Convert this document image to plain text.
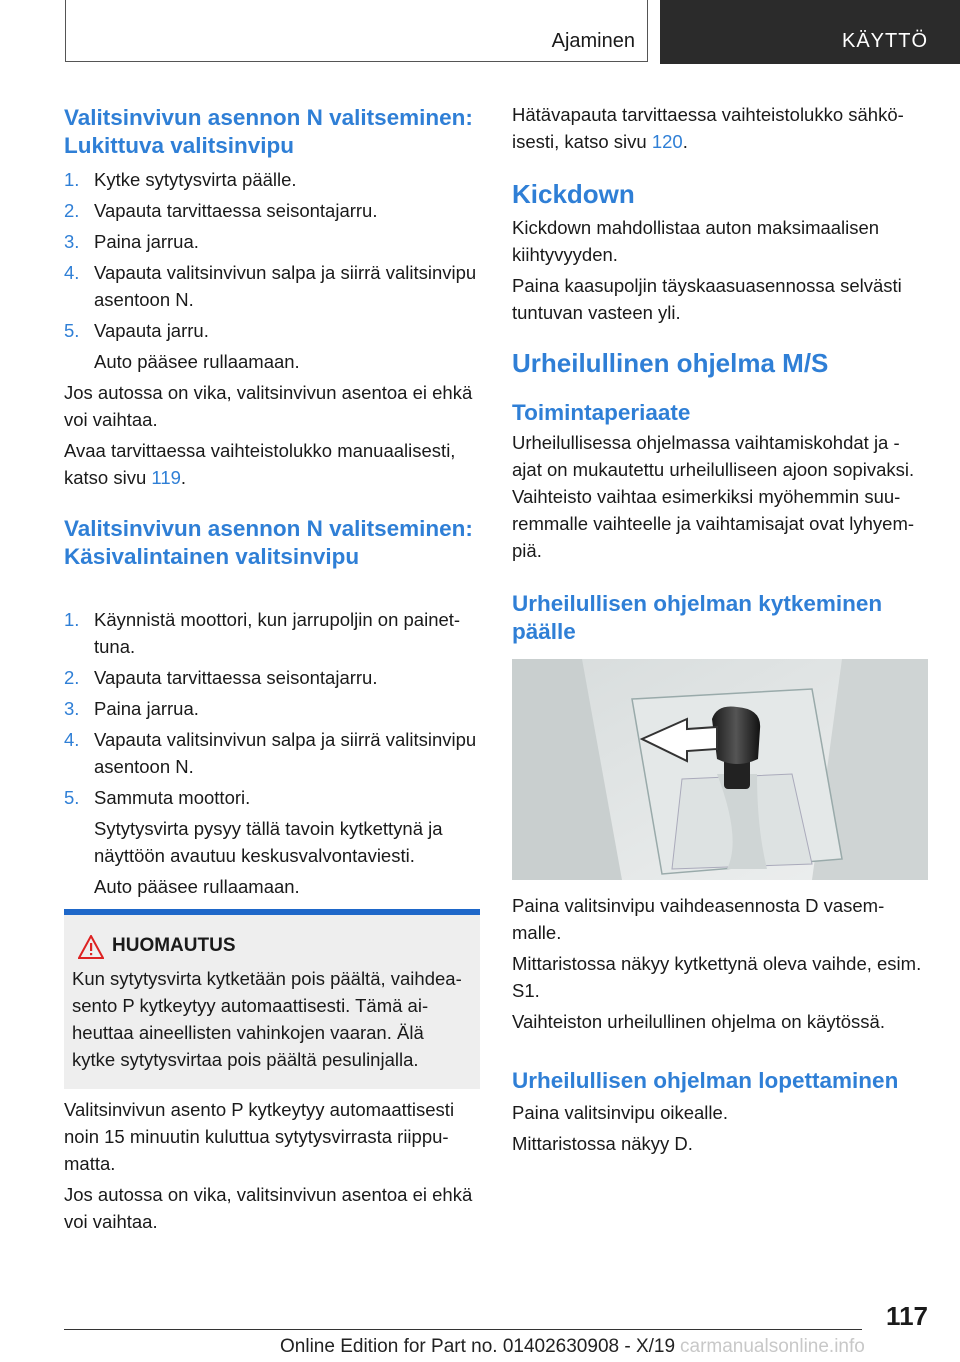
Ajaminen	KÄYTTÖ

Valitsinvivun asennon N valitseminen: Lukittuva valitsinvipu

1. Kytke sytytysvirta päälle.
2. Vapauta tarvittaessa seisontajarru.
3. Paina jarrua.
4. Vapauta valitsinvivun salpa ja siirrä valitsinvipu asentoon N.
5. Vapauta jarru.
Auto pääsee rullaamaan.

Jos autossa on vika, valitsinvivun asentoa ei ehkä voi vaihtaa.

Avaa tarvittaessa vaihteistolukko manuaalisesti, katso sivu 119.

Valitsinvivun asennon N valitseminen: Käsivalintainen valitsinvipu

1. Käynnistä moottori, kun jarrupoljin on painet‐ tuna.
2. Vapauta tarvittaessa seisontajarru.
3. Paina jarrua.
4. Vapauta valitsinvivun salpa ja siirrä valitsinvipu asentoon N.
5. Sammuta moottori.
Sytytysvirta pysyy tällä tavoin kytkettynä ja näyttöön avautuu keskusvalvontaviesti.
Auto pääsee rullaamaan.
HUOMAUTUS
Kun sytytysvirta kytketään pois päältä, vaihdea‐ sento P kytkeytyy automaattisesti. Tämä ai‐ heuttaa aineellisten vahinkojen vaaran. Älä kytke sytytysvirtaa pois päältä pesulinjalla.

Valitsinvivun asento P kytkeytyy automaattisesti noin 15 minuutin kuluttua sytytysvirrasta riippu‐ matta.

Jos autossa on vika, valitsinvivun asentoa ei ehkä voi vaihtaa.

Hätävapauta tarvittaessa vaihteistolukko sähkö‐ isesti, katso sivu 120.

Kickdown

Kickdown mahdollistaa auton maksimaalisen kiihtyvyyden.

Paina kaasupoljin täyskaasuasennossa selvästi tuntuvan vasteen yli.

Urheilullinen ohjelma M/S

Toimintaperiaate

Urheilullisessa ohjelmassa vaihtamiskohdat ja -ajat on mukautettu urheilulliseen ajoon sopivaksi. Vaihteisto vaihtaa esimerkiksi myöhemmin suu‐ remmalle vaihteelle ja vaihtamisajat ovat lyhyem‐ piä.

Urheilullisen ohjelman kytkeminen päälle

Paina valitsinvipu vaihdeasennosta D vasem‐ malle.

Mittaristossa näkyy kytkettynä oleva vaihde, esim. S1.

Vaihteiston urheilullinen ohjelma on käytössä.

Urheilullisen ohjelman lopettaminen

Paina valitsinvipu oikealle.

Mittaristossa näkyy D.

117
Online Edition for Part no. 01402630908 - X/19 carmanualsonline.info
